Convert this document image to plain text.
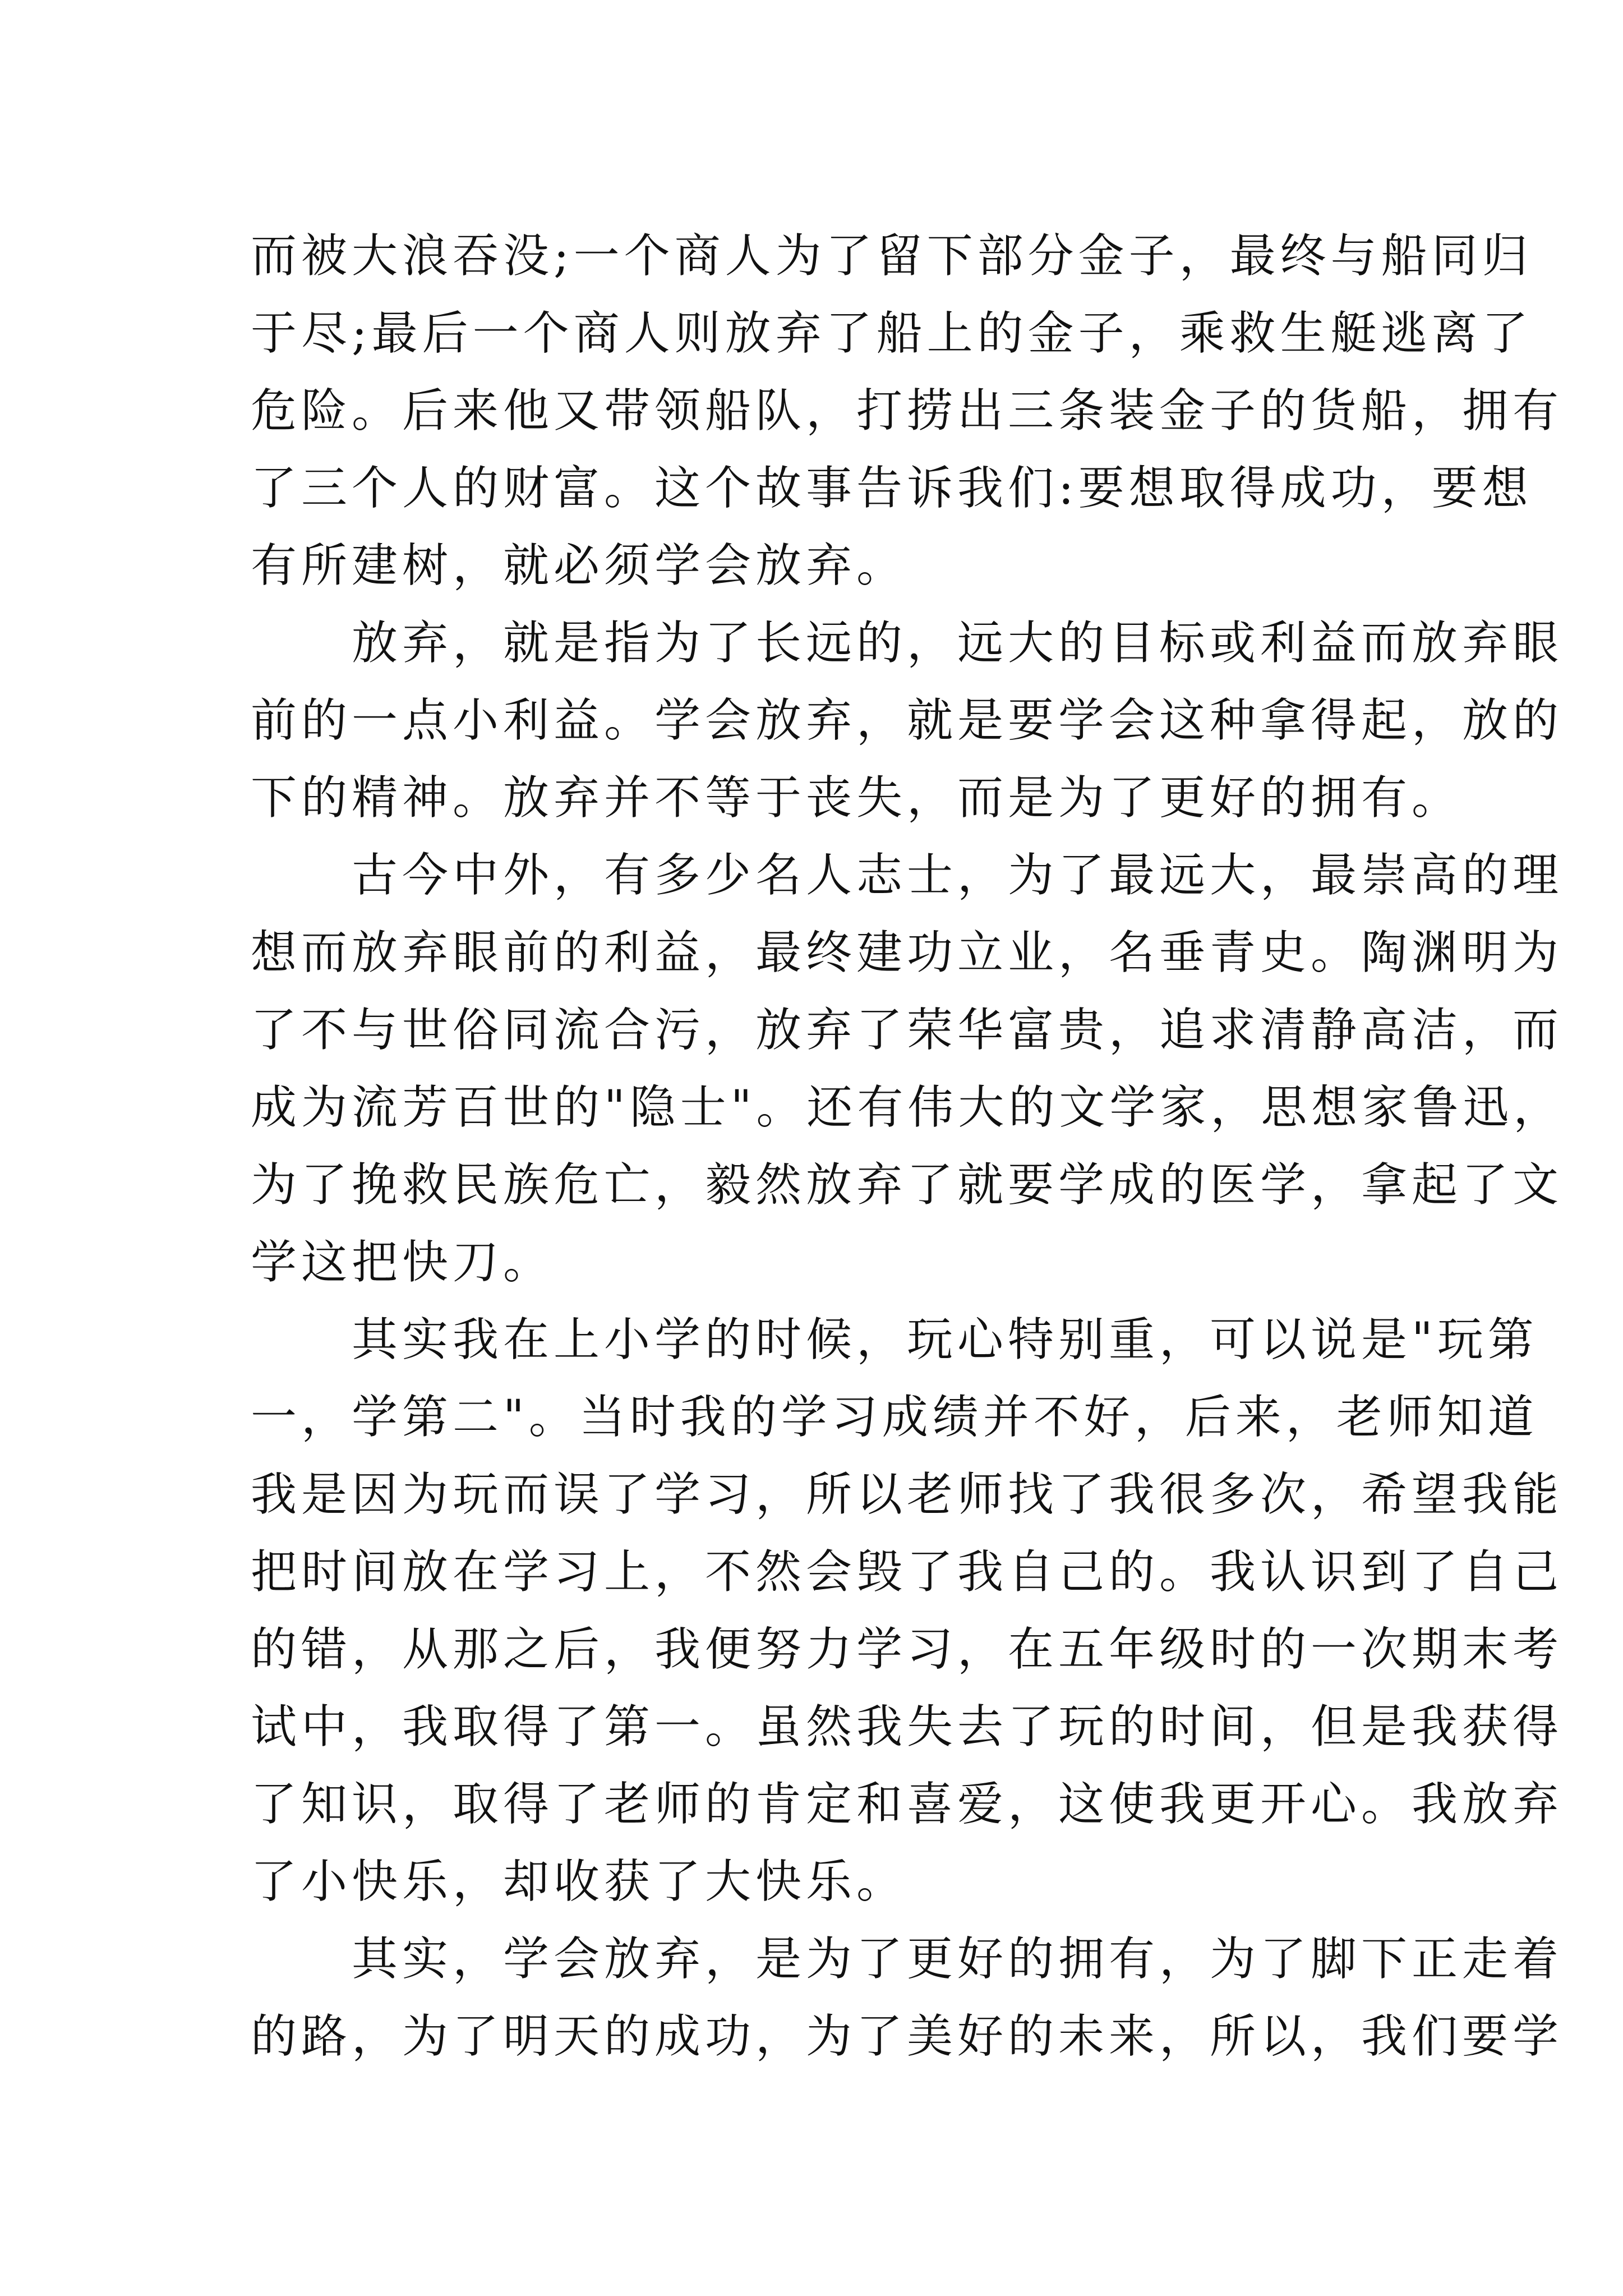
而被大浪吞没;一个商人为了留下部分金子，最终与船同归
于尽;最后一个商人则放弃了船上的金子，乘救生艇逃离了
危险。后来他又带领船队，打捞出三条装金子的货船，拥有
了三个人的财富。这个故事告诉我们:要想取得成功，要想
有所建树，就必须学会放弃。
　　放弃，就是指为了长远的，远大的目标或利益而放弃眼
前的一点小利益。学会放弃，就是要学会这种拿得起，放的
下的精神。放弃并不等于丧失，而是为了更好的拥有。
　　古今中外，有多少名人志士，为了最远大，最崇高的理
想而放弃眼前的利益，最终建功立业，名垂青史。陶渊明为
了不与世俗同流合污，放弃了荣华富贵，追求清静高洁，而
成为流芳百世的"隐士"。还有伟大的文学家，思想家鲁迅，
为了挽救民族危亡，毅然放弃了就要学成的医学，拿起了文
学这把快刀。
　　其实我在上小学的时候，玩心特别重，可以说是"玩第
一，学第二"。当时我的学习成绩并不好，后来，老师知道
我是因为玩而误了学习，所以老师找了我很多次，希望我能
把时间放在学习上，不然会毁了我自己的。我认识到了自己
的错，从那之后，我便努力学习，在五年级时的一次期末考
试中，我取得了第一。虽然我失去了玩的时间，但是我获得
了知识，取得了老师的肯定和喜爱，这使我更开心。我放弃
了小快乐，却收获了大快乐。
　　其实，学会放弃，是为了更好的拥有，为了脚下正走着
的路，为了明天的成功，为了美好的未来，所以，我们要学
